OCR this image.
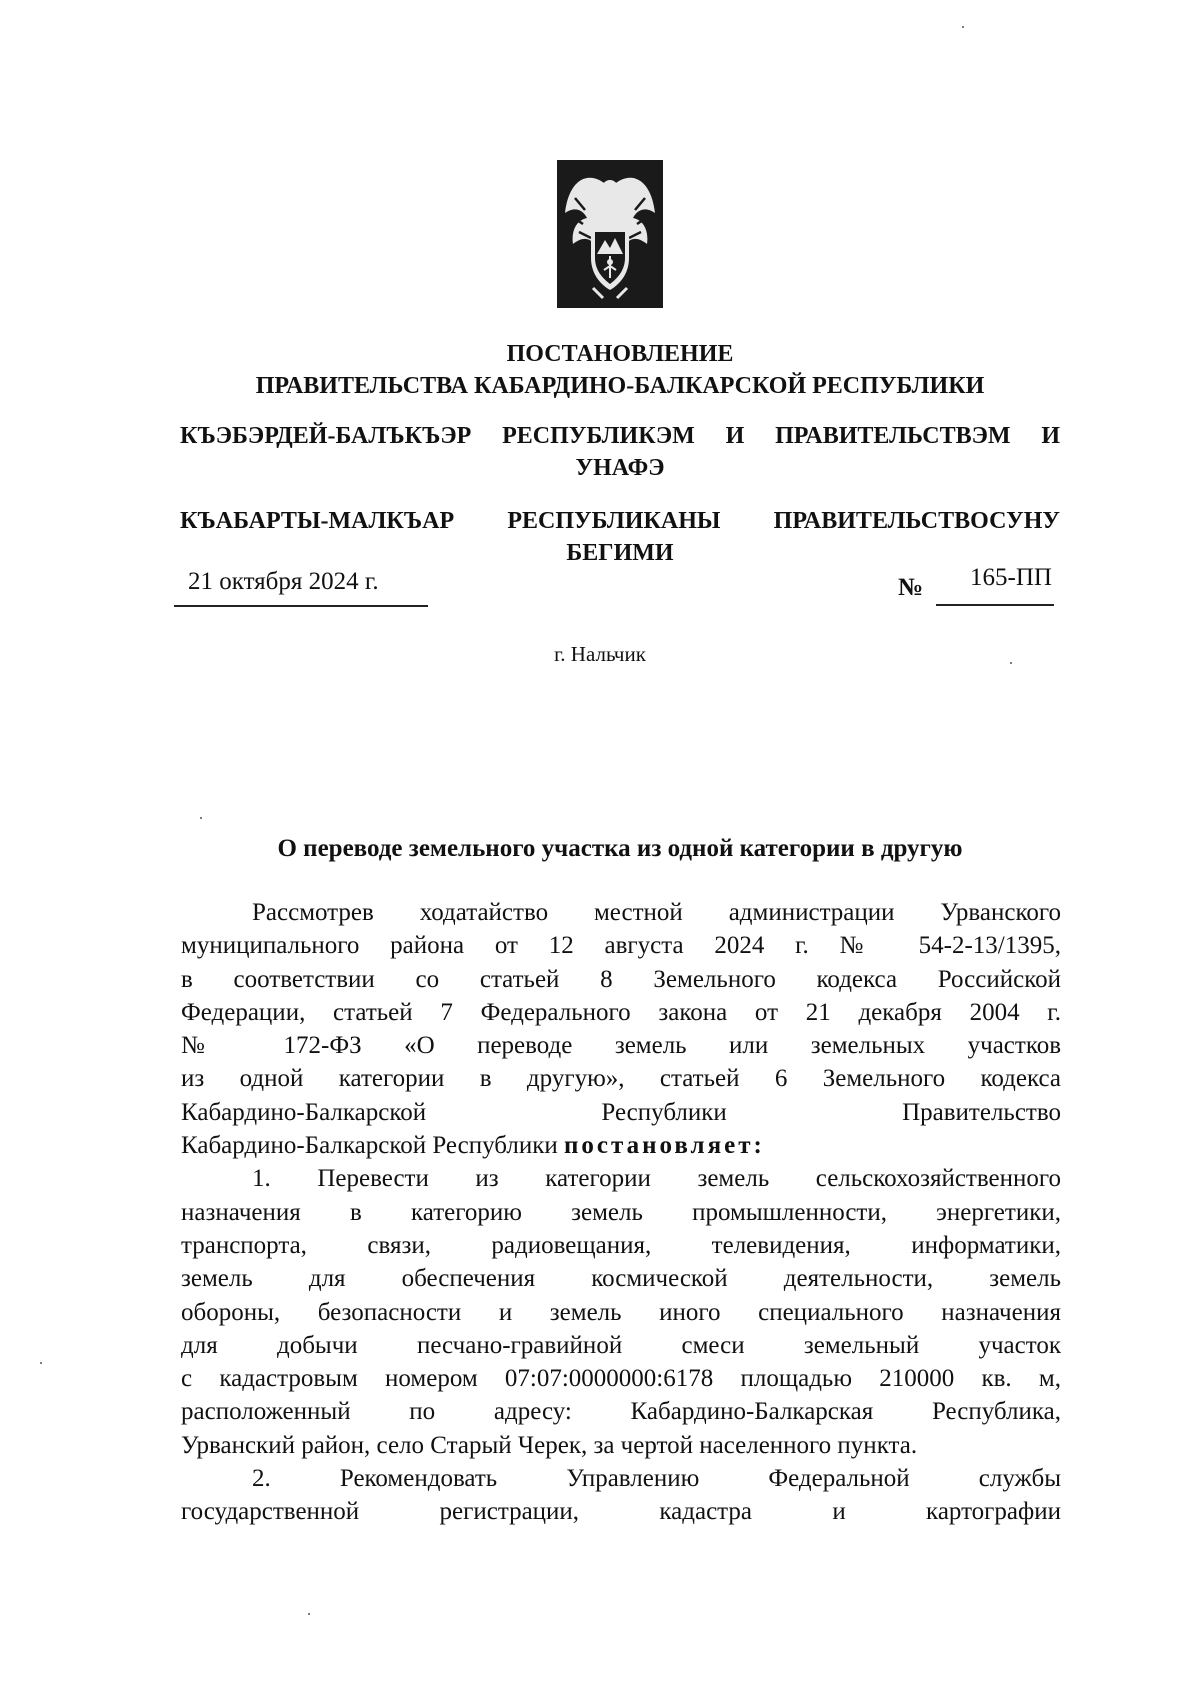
ПОСТАНОВЛЕНИЕ
ПРАВИТЕЛЬСТВА КАБАРДИНО-БАЛКАРСКОЙ РЕСПУБЛИКИ
КЪЭБЭРДЕЙ-БАЛЪКЪЭР РЕСПУБЛИКЭМ И ПРАВИТЕЛЬСТВЭМ И
УНАФЭ
КЪАБАРТЫ-МАЛКЪАР РЕСПУБЛИКАНЫ ПРАВИТЕЛЬСТВОСУНУ
БЕГИМИ
21 октября 2024 г.	№ 165-ПП
г. Нальчик
О переводе земельного участка из одной категории в другую
Рассмотрев ходатайство местной администрации Урванского
муниципального района от 12 августа 2024 г. № 54-2-13/1395,
в соответствии со статьей 8 Земельного кодекса Российской
Федерации, статьей 7 Федерального закона от 21 декабря 2004 г.
№ 172-ФЗ «О переводе земель или земельных участков
из одной категории в другую», статьей 6 Земельного кодекса
Кабардино-Балкарской Республики Правительство
Кабардино-Балкарской Республики постановляет:
1. Перевести из категории земель сельскохозяйственного
назначения в категорию земель промышленности, энергетики,
транспорта, связи, радиовещания, телевидения, информатики,
земель для обеспечения космической деятельности, земель
обороны, безопасности и земель иного специального назначения
для добычи песчано-гравийной смеси земельный участок
с кадастровым номером 07:07:0000000:6178 площадью 210000 кв. м,
расположенный по адресу: Кабардино-Балкарская Республика,
Урванский район, село Старый Черек, за чертой населенного пункта.
2. Рекомендовать Управлению Федеральной службы
государственной регистрации, кадастра и картографии
